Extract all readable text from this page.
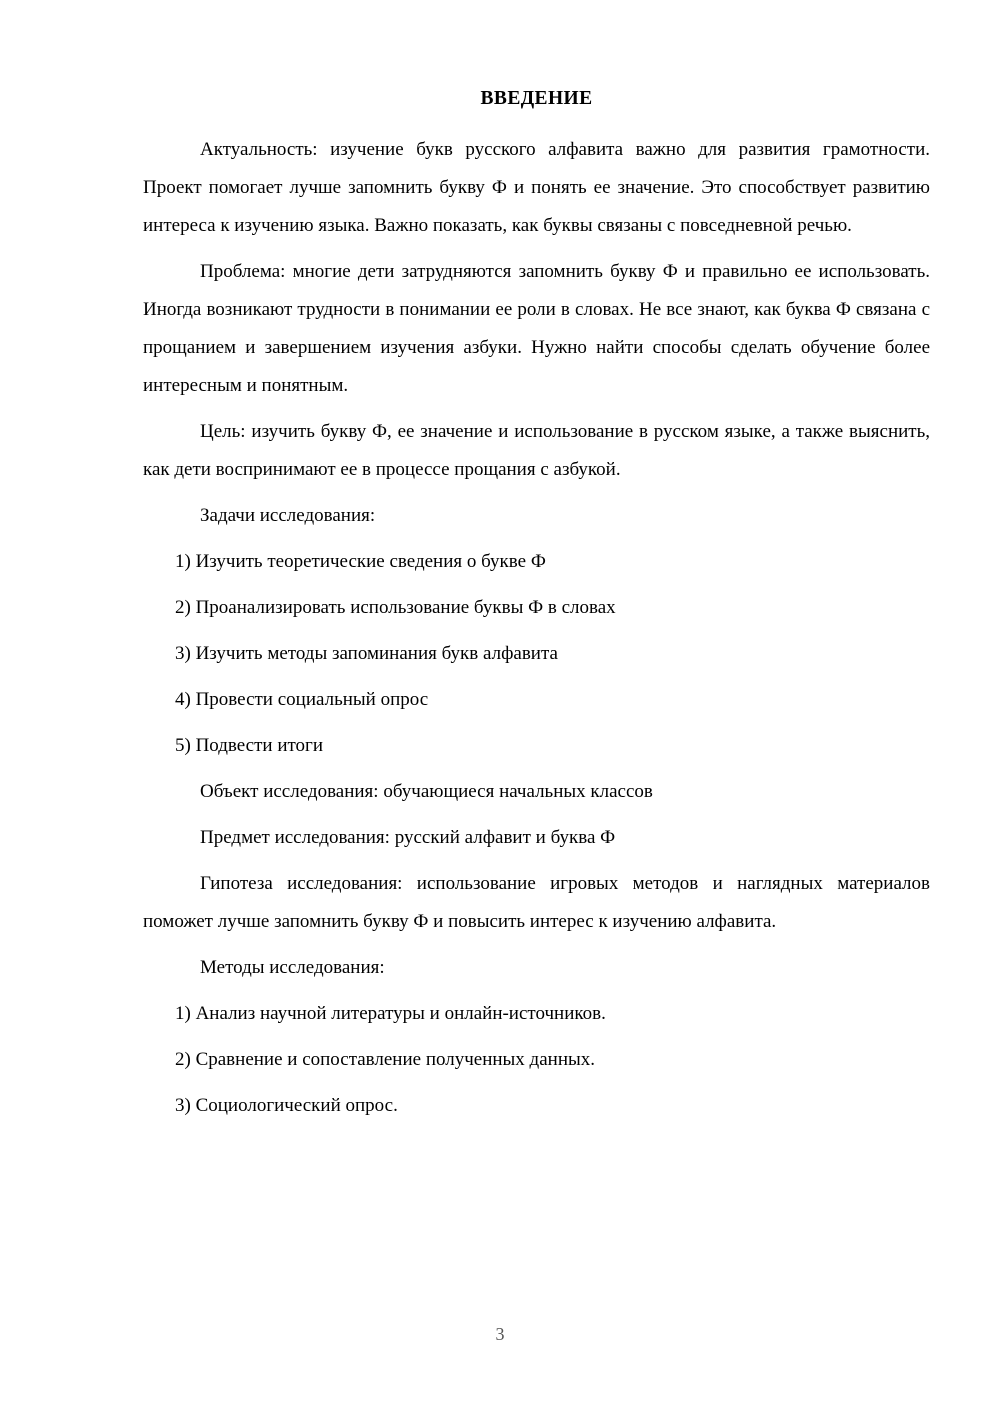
ВВЕДЕНИЕ

Актуальность: изучение букв русского алфавита важно для развития грамотности. Проект помогает лучше запомнить букву Ф и понять ее значение. Это способствует развитию интереса к изучению языка. Важно показать, как буквы связаны с повседневной речью.

Проблема: многие дети затрудняются запомнить букву Ф и правильно ее использовать. Иногда возникают трудности в понимании ее роли в словах. Не все знают, как буква Ф связана с прощанием и завершением изучения азбуки. Нужно найти способы сделать обучение более интересным и понятным.

Цель: изучить букву Ф, ее значение и использование в русском языке, а также выяснить, как дети воспринимают ее в процессе прощания с азбукой.

Задачи исследования:

1) Изучить теоретические сведения о букве Ф

2) Проанализировать использование буквы Ф в словах

3) Изучить методы запоминания букв алфавита

4) Провести социальный опрос

5) Подвести итоги

Объект исследования: обучающиеся начальных классов

Предмет исследования: русский алфавит и буква Ф

Гипотеза исследования: использование игровых методов и наглядных материалов поможет лучше запомнить букву Ф и повысить интерес к изучению алфавита.

Методы исследования:

1) Анализ научной литературы и онлайн-источников.

2) Сравнение и сопоставление полученных данных.

3) Социологический опрос.

3
